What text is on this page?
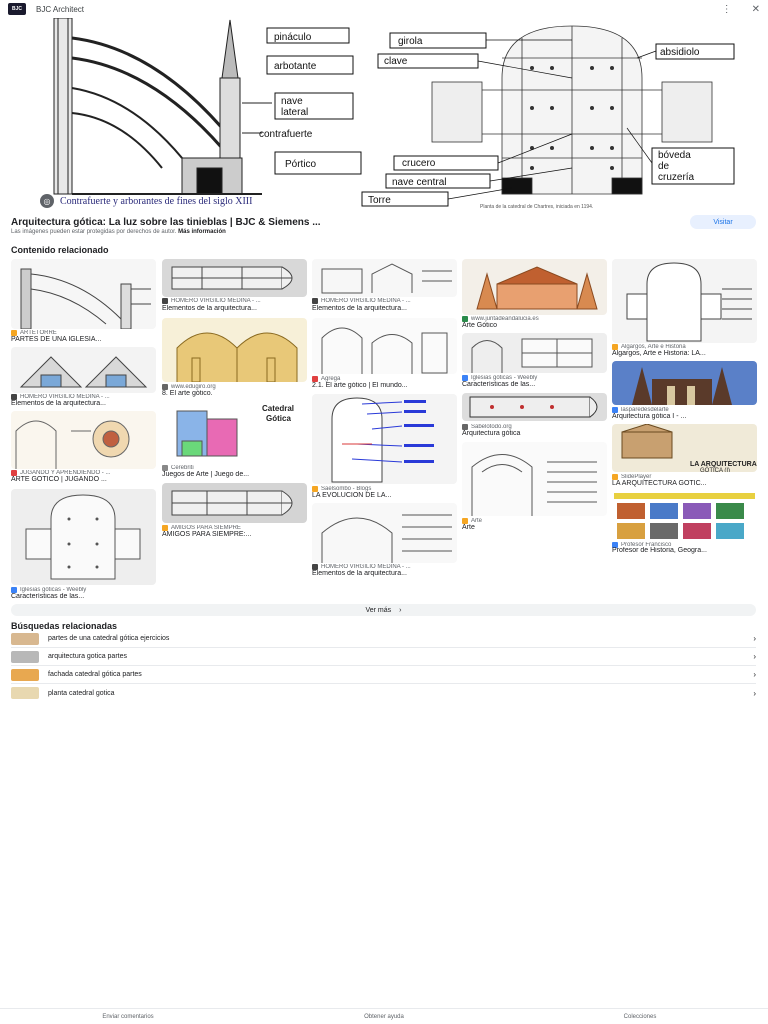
BJC	BJC Architect	⋮ ✕
pináculo
arbotante
nave
lateral
contrafuerte
Pórtico
girola
clave
absidiolo
bóveda
de
cruzería
crucero
nave central
Torre
Planta de la catedral de Chartres, iniciada en 1194.
◎ Contrafuerte y arborantes de fines del siglo XIII
Arquitectura gótica: La luz sobre las tinieblas | BJC & Siemens ...	Visitar
Las imágenes pueden estar protegidas por derechos de autor. Más información
Contenido relacionado
ARTETORRE
PARTES DE UNA IGLESIA...
HOMERO VIRGILIO MEDINA - ...
Elementos de la arquitectura...
JUGANDO Y APRENDIENDO - ...
ARTE GÓTICO | JUGANDO ...
Iglesias góticas - Weebly
Características de las...
HOMERO VIRGILIO MEDINA - ...
Elementos de la arquitectura...
www.edugiro.org
8. El arte gótico.
Catedral
Gótica
Cerebriti
Juegos de Arte | Juego de...
AMIGOS PARA SIEMPRE
AMIGOS PARA SIEMPRE:...
HOMERO VIRGILIO MEDINA - ...
Elementos de la arquitectura...
Agrega
2.1. El arte gótico | El mundo...
Saelsombo - Blogs
LA EVOLUCIÓN DE LA...
HOMERO VIRGILIO MEDINA - ...
Elementos de la arquitectura...
www.juntadeandalucia.es
Arte Gótico
Iglesias góticas - Weebly
Características de las...
Sabelotodo.org
Arquitectura gótica
Arte
Arte
Algargos, Arte e Historia
Algargos, Arte e Historia: LA...
lasparedesdelarte
Arquitectura gótica I - ...
LA ARQUITECTURA
GÓTICA (I)
SlidePlayer
LA ARQUITECTURA GÓTIC...
Profesor Francisco
Profesor de Historia, Geogra...
Ver más ›
Búsquedas relacionadas
partes de una catedral gótica ejercicios	›
arquitectura gotica partes	›
fachada catedral gótica partes	›
planta catedral gotica	›
Enviar comentarios	Obtener ayuda	Colecciones
